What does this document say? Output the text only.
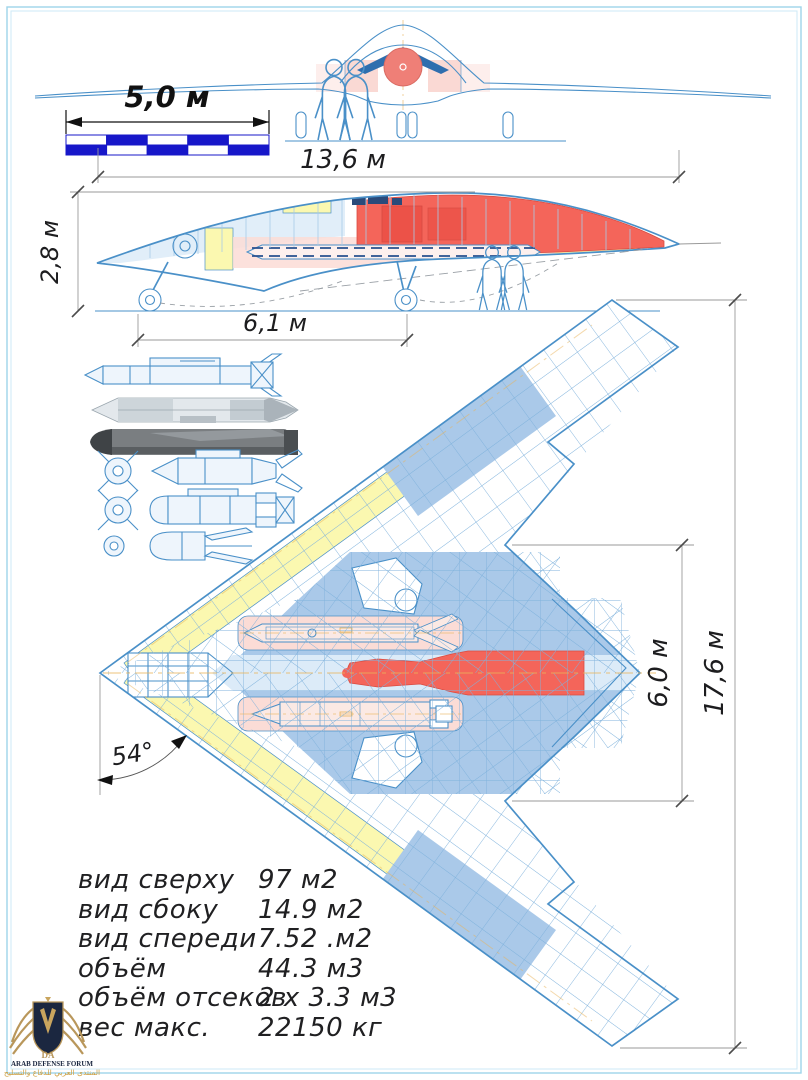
5,0 м
13,6 м
2,8 м
6,1 м
54°
6,0 м 17,6 м
вид сверху 97 м2
вид сбоку 14.9 м2
вид спереди 7.52 .м2
объём	44.3 м3
объём отсеков
2 x 3.3 м3
вес макс. 22150 кг
DA
ARAB DEFENSE FORUM
المنتدى العربي للدفاع والتسليح
